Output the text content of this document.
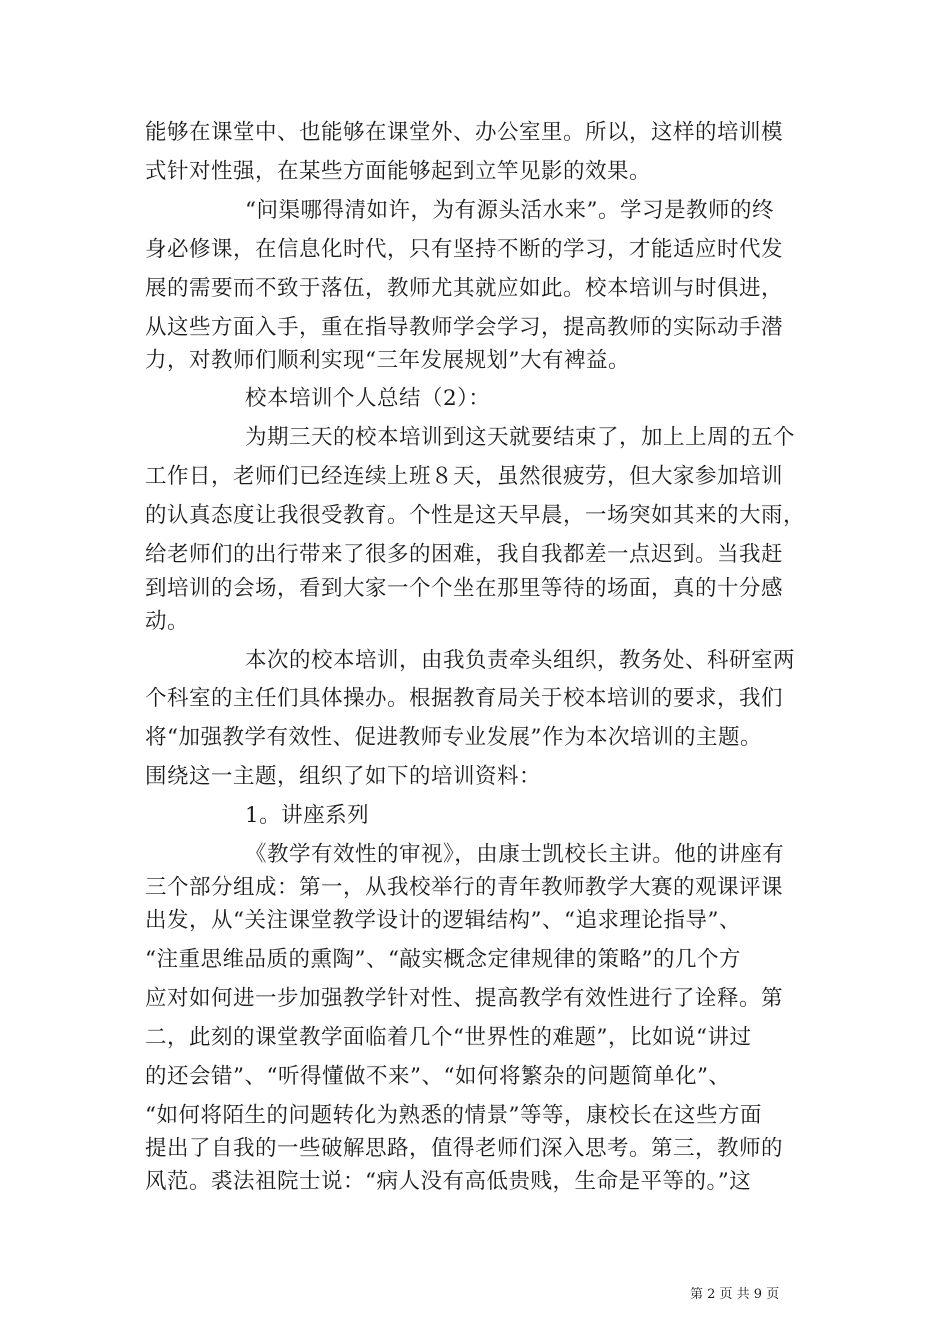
能够在课堂中、也能够在课堂外、办公室里。所以，这样的培训模
式针对性强，在某些方面能够起到立竿见影的效果。
“问渠哪得清如许，为有源头活水来”。学习是教师的终
身必修课，在信息化时代，只有坚持不断的学习，才能适应时代发
展的需要而不致于落伍，教师尤其就应如此。校本培训与时俱进，
从这些方面入手，重在指导教师学会学习，提高教师的实际动手潜
力，对教师们顺利实现“三年发展规划”大有裨益。
校本培训个人总结（2）：
为期三天的校本培训到这天就要结束了，加上上周的五个
工作日，老师们已经连续上班８天，虽然很疲劳，但大家参加培训
的认真态度让我很受教育。个性是这天早晨，一场突如其来的大雨，
给老师们的出行带来了很多的困难，我自我都差一点迟到。当我赶
到培训的会场，看到大家一个个坐在那里等待的场面，真的十分感
动。
本次的校本培训，由我负责牵头组织，教务处、科研室两
个科室的主任们具体操办。根据教育局关于校本培训的要求，我们
将“加强教学有效性、促进教师专业发展”作为本次培训的主题。
围绕这一主题，组织了如下的培训资料：
1。讲座系列
《教学有效性的审视》，由康士凯校长主讲。他的讲座有
三个部分组成：第一，从我校举行的青年教师教学大赛的观课评课
出发，从“关注课堂教学设计的逻辑结构”、“追求理论指导”、
“注重思维品质的熏陶”、“敲实概念定律规律的策略”的几个方
应对如何进一步加强教学针对性、提高教学有效性进行了诠释。第
二，此刻的课堂教学面临着几个“世界性的难题”，比如说“讲过
的还会错”、“听得懂做不来”、“如何将繁杂的问题简单化”、
“如何将陌生的问题转化为熟悉的情景”等等，康校长在这些方面
提出了自我的一些破解思路，值得老师们深入思考。第三，教师的
风范。裘法祖院士说：“病人没有高低贵贱，生命是平等的。”这
第 2 页 共 9 页
